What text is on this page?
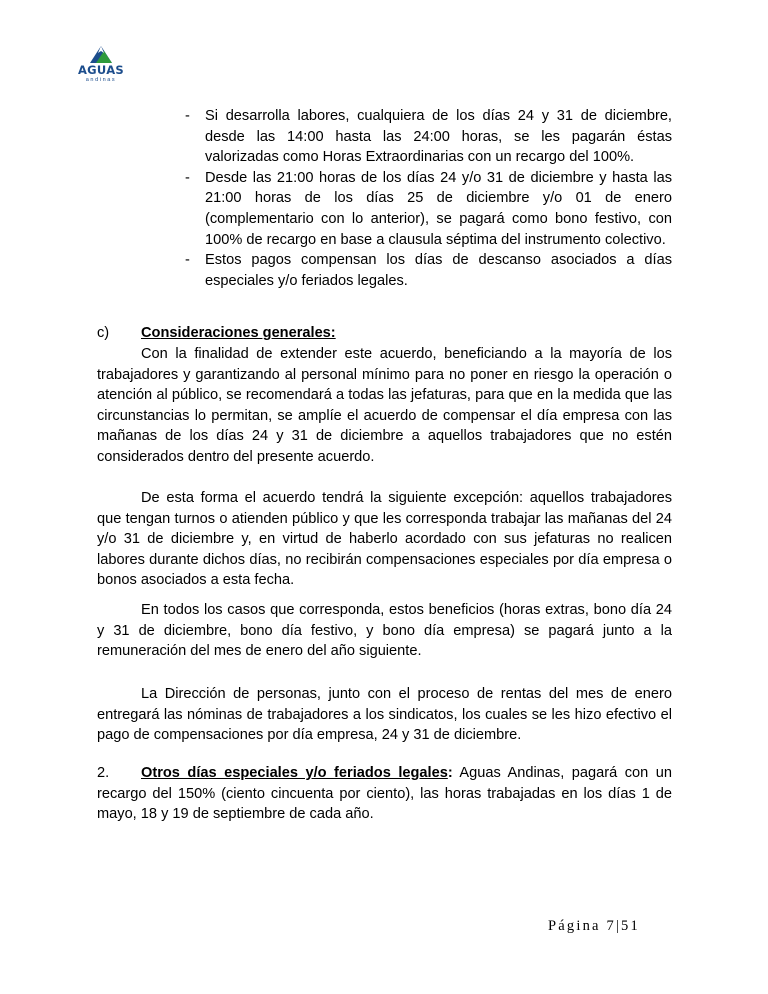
AGUAS
andinas
- Si desarrolla labores, cualquiera de los días 24 y 31 de diciembre, desde las 14:00 hasta las 24:00 horas, se les pagarán éstas valorizadas como Horas Extraordinarias con un recargo del 100%.
- Desde las 21:00 horas de los días 24 y/o 31 de diciembre y hasta las 21:00 horas de los días 25 de diciembre y/o 01 de enero (complementario con lo anterior), se pagará como bono festivo, con 100% de recargo en base a clausula séptima del instrumento colectivo.
- Estos pagos compensan los días de descanso asociados a días especiales y/o feriados legales.
c) Consideraciones generales:
Con la finalidad de extender este acuerdo, beneficiando a la mayoría de los trabajadores y garantizando al personal mínimo para no poner en riesgo la operación o atención al público, se recomendará a todas las jefaturas, para que en la medida que las circunstancias lo permitan, se amplíe el acuerdo de compensar el día empresa con las mañanas de los días 24 y 31 de diciembre a aquellos trabajadores que no estén considerados dentro del presente acuerdo.
De esta forma el acuerdo tendrá la siguiente excepción: aquellos trabajadores que tengan turnos o atienden público y que les corresponda trabajar las mañanas del 24 y/o 31 de diciembre y, en virtud de haberlo acordado con sus jefaturas no realicen labores durante dichos días, no recibirán compensaciones especiales por día empresa o bonos asociados a esta fecha.
En todos los casos que corresponda, estos beneficios (horas extras, bono día 24 y 31 de diciembre, bono día festivo, y bono día empresa) se pagará junto a la remuneración del mes de enero del año siguiente.
La Dirección de personas, junto con el proceso de rentas del mes de enero entregará las nóminas de trabajadores a los sindicatos, los cuales se les hizo efectivo el pago de compensaciones por día empresa, 24 y 31 de diciembre.
2. Otros días especiales y/o feriados legales: Aguas Andinas, pagará con un recargo del 150% (ciento cincuenta por ciento), las horas trabajadas en los días 1 de mayo, 18 y 19 de septiembre de cada año.
Página 7|51
